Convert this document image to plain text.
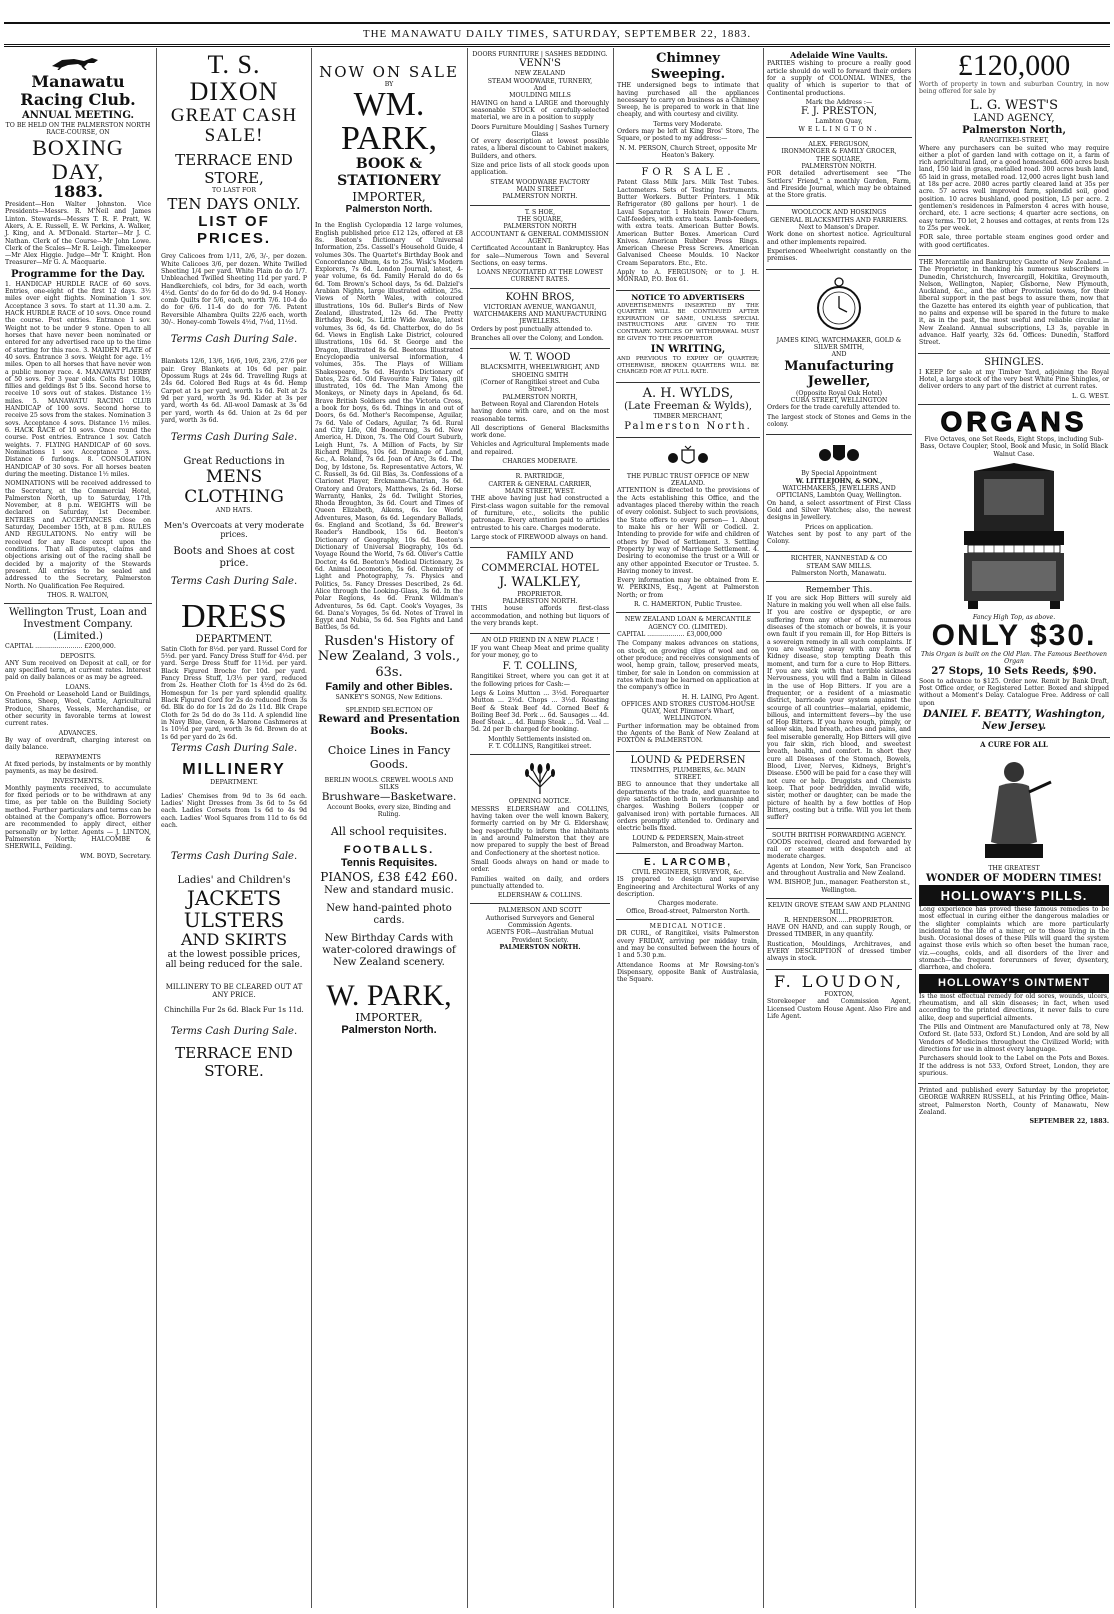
THE MANAWATU DAILY TIMES, SATURDAY, SEPTEMBER 22, 1883.
Manawatu Racing Club.
ANNUAL MEETING.
TO BE HELD ON THE PALMERSTON NORTH RACE-COURSE, ON
BOXING DAY,
1883.

President—Hon Walter Johnston. Vice Presidents—Messrs. R. M'Neil and James Linton. Stewards—Messrs T. R. F. Pratt, W. Akers, A. E. Russell, E. W. Perkins, A. Walker, J. King, and A. M'Donald. Starter—Mr J. C. Nathan. Clerk of the Course—Mr John Lowe. Clerk of the Scales—Mr R. Leigh. Timekeeper—Mr Alex Higgie. Judge—Mr T. Knight. Hon Treasurer—Mr G. A. Macquarie.

Programme for the Day.

1. HANDICAP HURDLE RACE of 60 sovs. Entries, one-eight of the first 12 days. 3½ miles over eight flights. Nomination 1 sov. Acceptance 3 sovs. To start at 11.30 a.m. 2. HACK HURDLE RACE of 10 sovs. Once round the course. Post entries. Entrance 1 sov. Weight not to be under 9 stone. Open to all horses that have never been nominated or entered for any advertised race up to the time of starting for this race. 3. MAIDEN PLATE of 40 sovs. Entrance 3 sovs. Weight for age. 1½ miles. Open to all horses that have never won a public money race. 4. MANAWATU DERBY of 50 sovs. For 3 year olds. Colts 8st 10lbs, fillies and geldings 8st 5 lbs. Second horse to receive 10 sovs out of stakes. Distance 1½ miles. 5. MANAWATU RACING CLUB HANDICAP of 100 sovs. Second horse to receive 25 sovs from the stakes. Nomination 3 sovs. Acceptance 4 sovs. Distance 1½ miles. 6. HACK RACE of 10 sovs. Once round the course. Post entries. Entrance 1 sov. Catch weights. 7. FLYING HANDICAP of 60 sovs. Nominations 1 sov. Acceptance 3 sovs. Distance 6 furlongs. 8. CONSOLATION HANDICAP of 30 sovs. For all horses beaten during the meeting. Distance 1½ miles.

NOMINATIONS will be received addressed to the Secretary, at the Commercial Hotel, Palmerston North, up to Saturday, 17th November, at 8 p.m. WEIGHTS will be declared on Saturday, 1st December. ENTRIES and ACCEPTANCES close on Saturday, December 15th, at 8 p.m. RULES AND REGULATIONS. No entry will be received for any Race except upon the conditions. That all disputes, claims and objections arising out of the racing shall be decided by a majority of the Stewards present. All entries to be sealed and addressed to the Secretary, Palmerston North. No Qualification Fee Required.

THOS. R. WALTON,
Wellington Trust, Loan and Investment Company.
(Limited.)

CAPITAL ........................ £200,000.

DEPOSITS.

ANY Sum received on Deposit at call, or for any specified term, at current rates. Interest paid on daily balances or as may be agreed.

LOANS.

On Freehold or Leasehold Land or Buildings, Stations, Sheep, Wool, Cattle, Agricultural Produce, Shares, Vessels, Merchandise, or other security in favorable terms at lowest current rates.

ADVANCES.

By way of overdraft, charging interest on daily balance.

REPAYMENTS

At fixed periods, by instalments or by monthly payments, as may be desired.

INVESTMENTS.

Monthly payments received, to accumulate for fixed periods or to be withdrawn at any time, as per table on the Building Society method. Further particulars and terms can be obtained at the Company's office. Borrowers are recommended to apply direct, either personally or by letter. Agents — J. LINTON, Palmerston North; HALCOMBE & SHERWILL, Feilding.

WM. BOYD, Secretary.
T. S. DIXON
GREAT CASH SALE!
TERRACE END STORE,
TO LAST FOR
TEN DAYS ONLY.
LIST OF PRICES.

Grey Calicoes from 1/11, 2/6, 3/-, per dozen. White Calicoes 3/6, per dozen. White Twilled Sheeting 1/4 per yard. White Plain do do 1/7. Unbleached Twilled Sheeting 11d per yard. P Handkerchiefs, col bdrs, for 3d each, worth 4½d. Gents' do do for 6d do do 9d. 9-4 Honey-comb Quilts for 5/6, each, worth 7/6. 10-4 do do for 6/6. 11-4 do do for 7/6. Patent Reversible Alhambra Quilts 22/6 each, worth 30/-. Honey-comb Towels 4½d, 7¼d, 11½d.

Terms Cash During Sale.

Blankets 12/6, 13/6, 16/6, 19/6, 23/6, 27/6 per pair. Grey Blankets at 10s 6d per pair. Opossum Rugs at 24s 6d. Travelling Rugs at 24s 6d. Colored Bed Rugs at 4s 6d. Hemp Carpet at 1s per yard, worth 1s 6d. Felt at 2s 9d per yard, worth 3s 9d. Kider at 3s per yard, worth 4s 6d. All-wool Damask at 3s 6d per yard, worth 4s 6d. Union at 2s 6d per yard, worth 3s 6d.

Terms Cash During Sale.
Great Reductions in
MENS CLOTHING
AND HATS.
Men's Overcoats at very moderate prices.
Boots and Shoes at cost price.
Terms Cash During Sale.
DRESS
DEPARTMENT.

Satin Cloth for 8½d. per yard. Russel Cord for 5½d. per yard. Fancy Dress Stuff for 4½d. per yard. Serge Dress Stuff for 11½d. per yard. Black Figured Broche for 10d. per yard. Fancy Dress Stuff, 1/3½ per yard, reduced from 2s. Heather Cloth for 1s 4½d do 2s 6d. Homespun for 1s per yard splendid quality. Black Figured Cord for 2s do reduced from 3s 6d. Blk do do for 1s 2d do 2s 11d. Blk Crape Cloth for 2s 5d do do 3s 11d. A splendid line in Navy Blue, Green, & Marone Cashmeres at 1s 10½d per yard, worth 3s 6d. Brown do at 1s 6d per yard do 2s 6d.

Terms Cash During Sale.
MILLINERY
DEPARTMENT.

Ladies' Chemises from 9d to 3s 6d each. Ladies' Night Dresses from 3s 6d to 5s 6d each. Ladies Corsets from 1s 6d to 4s 9d each. Ladies' Wool Squares from 11d to 6s 6d each.

Terms Cash During Sale.
Ladies' and Children's
JACKETS
ULSTERS
AND SKIRTS
at the lowest possible prices, all being reduced for the sale.
MILLINERY TO BE CLEARED OUT AT ANY PRICE.
Chinchilla Fur 2s 6d. Black Fur 1s 11d.
Terms Cash During Sale.
TERRACE END STORE.
NOW ON SALE
BY
WM. PARK,
BOOK & STATIONERY
IMPORTER,
Palmerston North.

In the English Cyclopædia 12 large volumes, English published price £12 12s, offered at £8 8s. Beeton's Dictionary of Universal Information, 25s. Cassell's Household Guide, 4 volumes 30s. The Quartet's Birthday Book and Concordance Album, 4s to 25s. Wisk's Modern Explorers, 7s 6d. London Journal, latest, 4-year volume, 6s 6d. Family Herald do do 6s 6d. Tom Brown's School days, 5s 6d. Dalziel's Arabian Nights, large illustrated edition, 25s. Views of North Wales, with coloured illustrations, 10s 6d. Buller's Birds of New Zealand, illustrated, 12s 6d. The Pretty Birthday Book, 5s. Little Wide Awake, latest volumes, 3s 6d, 4s 6d. Chatterbox, do do 5s 6d. Views in English Lake District, coloured illustrations, 10s 6d. St George and the Dragon, illustrated 8s 6d. Beetons Illustrated Encyclopædia universal information, 4 volumes, 35s. The Plays of William Shakespeare, 5s 6d. Haydn's Dictionary of Dates, 22s 6d. Old Favourite Fairy Tales, gilt illustrated, 10s 6d. The Man Among the Monkeys, or Ninety days in Apeland, 6s 6d. Brave British Soldiers and the Victoria Cross, a book for boys, 6s 6d. Things in and out of Doors, 6s 6d. Mother's Recompense, Aguilar, 7s 6d. Vale of Cedars, Aguilar, 7s 6d. Rural and City Life, Old Boomerang, 3s 6d. New America, H. Dixon, 7s. The Old Court Suburb, Leigh Hunt, 7s. A Million of Facts, by Sir Richard Phillips, 10s 6d. Drainage of Land, &c., A. Roland, 7s 6d. Joan of Arc, 3s 6d. The Dog, by Idstone, 5s. Representative Actors, W. C. Russell, 3s 6d. Gil Blas, 3s. Confessions of a Clarionet Player, Erckmann-Chatrian, 3s 6d. Oratory and Orators, Matthews, 2s 6d. Horse Warranty, Hanks, 2s 6d. Twilight Stories, Rhoda Broughton, 3s 6d. Court and Times of Queen Elizabeth, Aikens, 6s. Ice World Adventures, Mason, 6s 6d. Legendary Ballads, 6s. England and Scotland, 3s 6d. Brewer's Reader's Handbook, 15s 6d. Beeton's Dictionary of Geography, 10s 6d. Beeton's Dictionary of Universal Biography, 10s 6d. Voyage Round the World, 7s 6d. Oliver's Cattle Doctor, 4s 6d. Beeton's Medical Dictionary, 2s 6d. Animal Locomotion, 5s 6d. Chemistry of Light and Photography, 7s. Physics and Politics, 5s. Fancy Dresses Described, 2s 6d. Alice through the Looking-Glass, 3s 6d. In the Polar Regions, 4s 6d. Frank Wildman's Adventures, 5s 6d. Capt. Cook's Voyages, 3s 6d. Dana's Voyages, 5s 6d. Notes of Travel in Egypt and Nubia, 5s 6d. Sea Fights and Land Battles, 5s 6d.

Rusden's History of New Zealand, 3 vols., 63s.
Family and other Bibles.
SANKEY'S SONGS, New Editions.
SPLENDID SELECTION OF
Reward and Presentation Books.
Choice Lines in Fancy Goods.
BERLIN WOOLS. CREWEL WOOLS AND SILKS
Brushware—Basketware.
Account Books, every size, Binding and Ruling.
All school requisites.
FOOTBALLS.
Tennis Requisites.
PIANOS, £38 £42 £60.
New and standard music.
New hand-painted photo cards.
New Birthday Cards with water-colored drawings of New Zealand scenery.
W. PARK,
IMPORTER,
Palmerston North.
DOORS FURNITURE | SASHES BEDDING.
VENN'S
NEW ZEALAND
STEAM WOODWARE, TURNERY,
And
MOULDING MILLS

HAVING on hand a LARGE and thoroughly seasonable STOCK of carefully-selected material, we are in a position to supply

Doors Furniture Moulding | Sashes Turnery Glass

Of every description at lowest possible rates, a liberal discount to Cabinet makers, Builders, and others.

Size and price lists of all stock goods upon application.

STEAM WOODWARE FACTORY
MAIN STREET
PALMERSTON NORTH.
T. S HOE,
THE SQUARE,
PALMERSTON NORTH
ACCOUNTANT & GENERAL COMMISSION AGENT.

Certificated Accountant in Bankruptcy. Has for sale—Numerous Town and Several Sections, on easy terms.

LOANS NEGOTIATED AT THE LOWEST CURRENT RATES.
KOHN BROS,
VICTORIAN AVENUE, WANGANUI,
WATCHMAKERS AND MANUFACTURING JEWELLERS.

Orders by post punctually attended to.

Branches all over the Colony, and London.

W. T. WOOD
BLACKSMITH, WHEELWRIGHT, AND SHOEING SMITH
(Corner of Rangitikei street and Cuba Street.)
PALMERSTON NORTH,
Between Royal and Clarendon Hotels

having done with care, and on the most reasonable terms.

All descriptions of General Blacksmiths work done.

Vehicles and Agricultural Implements made and repaired.

CHARGES MODERATE.
R. PARTRIDGE,
CARTER & GENERAL CARRIER,
MAIN STREET, WEST.

THE above having just had constructed a First-class wagon suitable for the removal of furniture, etc., solicits the public patronage. Every attention paid to articles entrusted to his care. Charges moderate.

Large stock of FIREWOOD always on hand.

FAMILY AND COMMERCIAL HOTEL
J. WALKLEY,
PROPRIETOR.
PALMERSTON NORTH.

THIS house affords first-class accommodation, and nothing but liquors of the very brands kept.

AN OLD FRIEND IN A NEW PLACE !

IF you want Cheap Meat and prime quality for your money, go to

F. T. COLLINS,

Rangitikei Street, where you can get it at the following prices for Cash:—

Legs & Loins Mutton ... 3½d. Forequarter Mutton ... 2½d. Chops ... 3½d. Roasting Beef & Steak Beef 4d. Corned Beef & Boiling Beef 3d. Pork ... 6d. Sausages ... 4d. Beef Steak ... 4d. Rump Steak ... 5d. Veal ... 5d. 2d per lb charged for booking.

Monthly Settlements insisted on.
F. T. COLLINS, Rangitikei street.
OPENING NOTICE.

MESSRS ELDERSHAW and COLLINS, having taken over the well known Bakery, formerly carried on by Mr G. Eldershaw, beg respectfully to inform the inhabitants in and around Palmerston that they are now prepared to supply the best of Bread and Confectionery at the shortest notice.

Small Goods always on hand or made to order.

Families waited on daily, and orders punctually attended to.

ELDERSHAW & COLLINS.
PALMERSON AND SCOTT
Authorised Surveyors and General Commission Agents.
AGENTS FOR—Australian Mutual Provident Society.
PALMERSTON NORTH.
Chimney Sweeping.

THE undersigned begs to intimate that having purchased all the appliances necessary to carry on business as a Chimney Sweep, he is prepared to work in that line cheaply, and with courtesy and civility.

Terms very Moderate.

Orders may be left at King Bros' Store, The Square, or posted to my address:—

N. M. PERSON, Church Street, opposite Mr Heaton's Bakery.
FOR SALE.

Patent Glass Milk Jars. Milk Test Tubes. Lactometers. Sets of Testing Instruments. Butter Workers. Butter Printers. 1 Mik Refrigerator (80 gallons per hour). 1 de Laval Separator. 1 Holstein Power Churn. Calf-feeders, with extra teats. Lamb-feeders, with extra teats. American Butter Bowls. American Butter Boxes. American Curd Knives. American Rubber Press Rings. American Cheese Press Screws. American Galvanised Cheese Moulds. 10 Nackor Cream Separators. Etc., Etc.

Apply to A. FERGUSON; or to J. H. MONRAD, P.O. Box 61.

NOTICE TO ADVERTISERS

ADVERTISEMENTS INSERTED BY THE QUARTER WILL BE CONTINUED AFTER EXPIRATION OF SAME, UNLESS SPECIAL INSTRUCTIONS ARE GIVEN TO THE CONTRARY. NOTICES OF WITHDRAWAL MUST BE GIVEN TO THE PROPRIETOR

IN WRITING,

AND PREVIOUS TO EXPIRY OF QUARTER; OTHERWISE, BROKEN QUARTERS WILL BE CHARGED FOR AT FULL RATE.

A. H. WYLDS,
(Late Freeman & Wylds),
TIMBER MERCHANT,
Palmerston North.
THE PUBLIC TRUST OFFICE OF NEW ZEALAND.

ATTENTION is directed to the provisions of the Acts establishing this Office, and the advantages placed thereby within the reach of every colonist. Subject to such provisions, the State offers to every person— 1. About to make his or her Will or Codicil. 2. Intending to provide for wife and children of others by Deed of Settlement. 3. Settling Property by way of Marriage Settlement. 4. Desiring to economise the trust or a Will or any other appointed Executor or Trustee. 5. Having money to invest.

Every information may be obtained from E. W. PERKINS, Esq., Agent at Palmerston North; or from

R. C. HAMERTON, Public Trustee.
NEW ZEALAND LOAN & MERCANTILE AGENCY CO. (LIMITED).

CAPITAL ................... £3,000,000

The Company makes advances on stations, on stock, on growing clips of wool and on other produce; and receives consignments of wool, hemp grain, tallow, preserved meats, timber, for sale in London on commission at rates which may be learned on application at the company's office in

H. H. LAING, Pro Agent.
OFFICES AND STORES CUSTOM-HOUSE QUAY, Next Plimmer's Wharf, WELLINGTON.

Further information may be obtained from the Agents of the Bank of New Zealand at FOXTON & PALMERSTON.

LOUND & PEDERSEN
TINSMITHS, PLUMBERS, &c. MAIN STREET.

BEG to announce that they undertake all departments of the trade, and guarantee to give satisfaction both in workmanship and charges. Washing Boilers (copper or galvanised iron) with portable furnaces. All orders promptly attended to. Ordinary and electric bells fixed.

LOUND & PEDERSEN, Main-street Palmerston, and Broadway Marton.
E. LARCOMB,
CIVIL ENGINEER, SURVEYOR, &c.

IS prepared to design and supervise Engineering and Architectural Works of any description.

Charges moderate.
Office, Broad-street, Palmerston North.
MEDICAL NOTICE.

DR CURL, of Rangitikei, visits Palmerston every FRIDAY, arriving per midday train, and may be consulted between the hours of 1 and 5.30 p.m.

Attendance Rooms at Mr Rowsing-ton's Dispensary, opposite Bank of Australasia, the Square.

Adelaide Wine Vaults.

PARTIES wishing to procure a really good article should do well to forward their orders for a supply of COLONIAL WINES, the quality of which is superior to that of Continental productions.

Mark the Address :—
F. J. PRESTON,
Lambton Quay,
WELLINGTON.
ALEX. FERGUSON,
IRONMONGER & FAMILY GROCER,
THE SQUARE,
PALMERSTON NORTH.

FOR detailed advertisement see "The Settlers' Friend," a monthly Garden, Farm, and Fireside Journal, which may be obtained at the Store gratis.

WOOLCOCK AND HOSKINGS
GENERAL BLACKSMITHS AND FARRIERS. Next to Manson's Draper.

Work done on shortest notice. Agricultural and other implements repaired.

Experienced Wheelwright constantly on the premises.

JAMES KING, WATCHMAKER, GOLD & SILVER SMITH,
AND
Manufacturing Jeweller,
(Opposite Royal Oak Hotel)
CUBA STREET, WELLINGTON

Orders for the trade carefully attended to.

The largest stock of Stones and Gems in the colony.

By Special Appointment
W. LITTLEJOHN, & SON.,
WATCHMAKERS, JEWELLERS AND OPTICIANS, Lambton Quay, Wellington.

On hand, a select assortment of First Class Gold and Silver Watches; also, the newest designs in Jewellery.

Prices on application.

Watches sent by post to any part of the Colony.

RICHTER, NANNESTAD & CO
STEAM SAW MILLS.
Palmerston North, Manawatu.
Remember This.

If you are sick Hop Bitters will surely aid Nature in making you well when all else fails. If you are costive or dyspeptic, or are suffering from any other of the numerous diseases of the stomach or bowels, it is your own fault if you remain ill, for Hop Bitters is a sovereign remedy in all such complaints. If you are wasting away with any form of Kidney disease, stop tempting Death this moment, and turn for a cure to Hop Bitters. If you are sick with that terrible sickness Nervousness, you will find a Balm in Gilead in the use of Hop Bitters. If you are a frequenter, or a resident of a miasmatic district, barricade your system against the scourge of all countries—malarial, epidemic, bilious, and intermittent fevers—by the use of Hop Bitters. If you have rough, pimply, or sallow skin, bad breath, aches and pains, and feel miserable generally, Hop Bitters will give you fair skin, rich blood, and sweetest breath, health, and comfort. In short they cure all Diseases of the Stomach, Bowels, Blood, Liver, Nerves, Kidneys, Bright's Disease. £500 will be paid for a case they will not cure or help. Druggists and Chemists keep. That poor bedridden, invalid wife, sister, mother or daughter, can be made the picture of health by a few bottles of Hop Bitters, costing but a trifle. Will you let them suffer?

SOUTH BRITISH FORWARDING AGENCY.

GOODS received, cleared and forwarded by rail or steamer with despatch and at moderate charges.

Agents at London, New York, San Francisco and throughout Australia and New Zealand.

WM. BISHOP, Jun., manager. Featherston st., Wellington.
KELVIN GROVE STEAM SAW AND PLANING MILL.
R. HENDERSON......PROPRIETOR.

HAVE ON HAND, and can supply Rough, or Dressed TIMBER, in any quantity.

Rustication, Mouldings, Architraves, and EVERY DESCRIPTION of dressed timber always in stock.

F. LOUDON,
FOXTON,

Storekeeper and Commission Agent, Licensed Custom House Agent. Also Fire and Life Agent.

£120,000

Worth of property in town and suburban Country, in now being offered for sale by

L. G. WEST'S
LAND AGENCY,
Palmerston North,
RANGITIKEI-STREET,

Where any purchasers can be suited who may require either a plot of garden land with cottage on it, a farm of rich agricultural land, or a good homestead. 600 acres bush land, 150 laid in grass, metalled road. 300 acres bush land, 65 laid in grass, metalled road. 12,000 acres light bush land at 18s per acre. 2080 acres partly cleared land at 35s per acre. 57 acres well improved farm, splendid soil, good position. 10 acres bushland, good position, L5 per acre. 2 gentlemen's residences in Palmerston 4 acres with house, orchard, etc. 1 acre sections; 4 quarter acre sections, on easy terms. TO let, 2 houses and cottages, at rents from 12s to 25s per week.

FOR sale, three portable steam engines good order and with good certificates.

THE Mercantile and Bankruptcy Gazette of New Zealand.—The Proprietor, in thanking his numerous subscribers in Dunedin, Christchurch, Invercargill, Hokitika, Greymouth, Nelson, Wellington, Napier, Gisborne, New Plymouth, Auckland, &c., and the other Provincial towns, for their liberal support in the past begs to assure them, now that the Gazette has entered its eighth year of publication, that no pains and expense will be spared in the future to make it, as in the past, the most useful and reliable circular in New Zealand. Annual subscriptions, L3 3s, payable in advance. Half yearly, 32s 6d. Offices: Dunedin, Stafford Street.

SHINGLES.

I KEEP for sale at my Timber Yard, adjoining the Royal Hotel, a large stock of the very best White Pine Shingles, or deliver orders to any part of the district at current rates.

L. G. WEST.
ORGANS

Five Octaves, one Set Reeds, Eight Stops, including Sub-Bass, Octave Coupler, Stool, Book and Music, in Solid Black Walnut Case.

Fancy High Top, as above.
ONLY $30.
This Organ is built on the Old Plan. The Famous Beethoven Organ
27 Stops, 10 Sets Reeds, $90.

Soon to advance to $125. Order now. Remit by Bank Draft, Post Office order, or Registered Letter. Boxed and shipped without a Moment's Delay. Catalogue Free. Address or call upon

DANIEL F. BEATTY, Washington, New Jersey.
A CURE FOR ALL
THE GREATEST
WONDER OF MODERN TIMES!
HOLLOWAY'S PILLS.

Long experience has proved these famous remedies to be most effectual in curing either the dangerous maladies or the slighter complaints which are more particularly incidental to the life of a miner, or to those living in the bush. Occasional doses of these Pills will guard the system against those evils which so often beset the human race, viz.—coughs, colds, and all disorders of the liver and stomach—the frequent forerunners of fever, dysentery, diarrhœa, and cholera.

HOLLOWAY'S OINTMENT

Is the most effectual remedy for old sores, wounds, ulcers, rheumatism, and all skin diseases; in fact, when used according to the printed directions, it never fails to cure alike, deep and superficial ailments.

The Pills and Ointment are Manufactured only at 78, New Oxford St. (late 533, Oxford St.) London, And are sold by all Vendors of Medicines throughout the Civilized World; with directions for use in almost every language.

Purchasers should look to the Label on the Pots and Boxes. If the address is not 533, Oxford Street, London, they are spurious.

Printed and published every Saturday by the proprietor, GEORGE WARREN RUSSELL, at his Printing Office, Main-street, Palmerston North, County of Manawatu, New Zealand.

SEPTEMBER 22, 1883.
